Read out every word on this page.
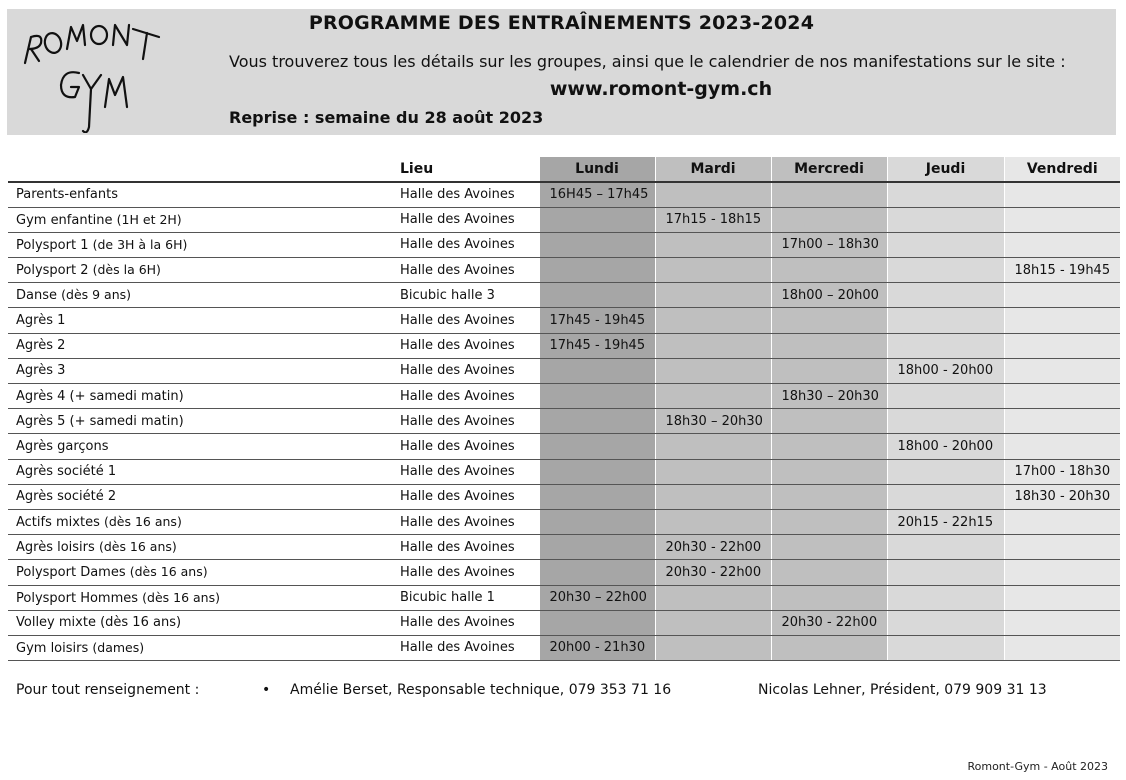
PROGRAMME DES ENTRAÎNEMENTS 2023-2024
Vous trouverez tous les détails sur les groupes, ainsi que le calendrier de nos manifestations sur le site :
www.romont-gym.ch
Reprise : semaine du 28 août 2023
	Lieu	Lundi	Mardi	Mercredi	Jeudi	Vendredi
Parents-enfants	Halle des Avoines	16H45 – 17h45				
Gym enfantine (1H et 2H)	Halle des Avoines		17h15 - 18h15			
Polysport 1 (de 3H à la 6H)	Halle des Avoines			17h00 – 18h30		
Polysport 2 (dès la 6H)	Halle des Avoines					18h15 - 19h45
Danse (dès 9 ans)	Bicubic halle 3			18h00 – 20h00		
Agrès 1	Halle des Avoines	17h45 - 19h45				
Agrès 2	Halle des Avoines	17h45 - 19h45				
Agrès 3	Halle des Avoines				18h00 - 20h00	
Agrès 4 (+ samedi matin)	Halle des Avoines			18h30 – 20h30		
Agrès 5 (+ samedi matin)	Halle des Avoines		18h30 – 20h30			
Agrès garçons	Halle des Avoines				18h00 - 20h00	
Agrès société 1	Halle des Avoines					17h00 - 18h30
Agrès société 2	Halle des Avoines					18h30 - 20h30
Actifs mixtes (dès 16 ans)	Halle des Avoines				20h15 - 22h15	
Agrès loisirs (dès 16 ans)	Halle des Avoines		20h30 - 22h00			
Polysport Dames (dès 16 ans)	Halle des Avoines		20h30 - 22h00			
Polysport Hommes (dès 16 ans)	Bicubic halle 1	20h30 – 22h00				
Volley mixte (dès 16 ans)	Halle des Avoines			20h30 - 22h00		
Gym loisirs (dames)	Halle des Avoines	20h00 - 21h30				
Pour tout renseignement :	• Amélie Berset, Responsable technique, 079 353 71 16	Nicolas Lehner, Président, 079 909 31 13
Romont-Gym - Août 2023
